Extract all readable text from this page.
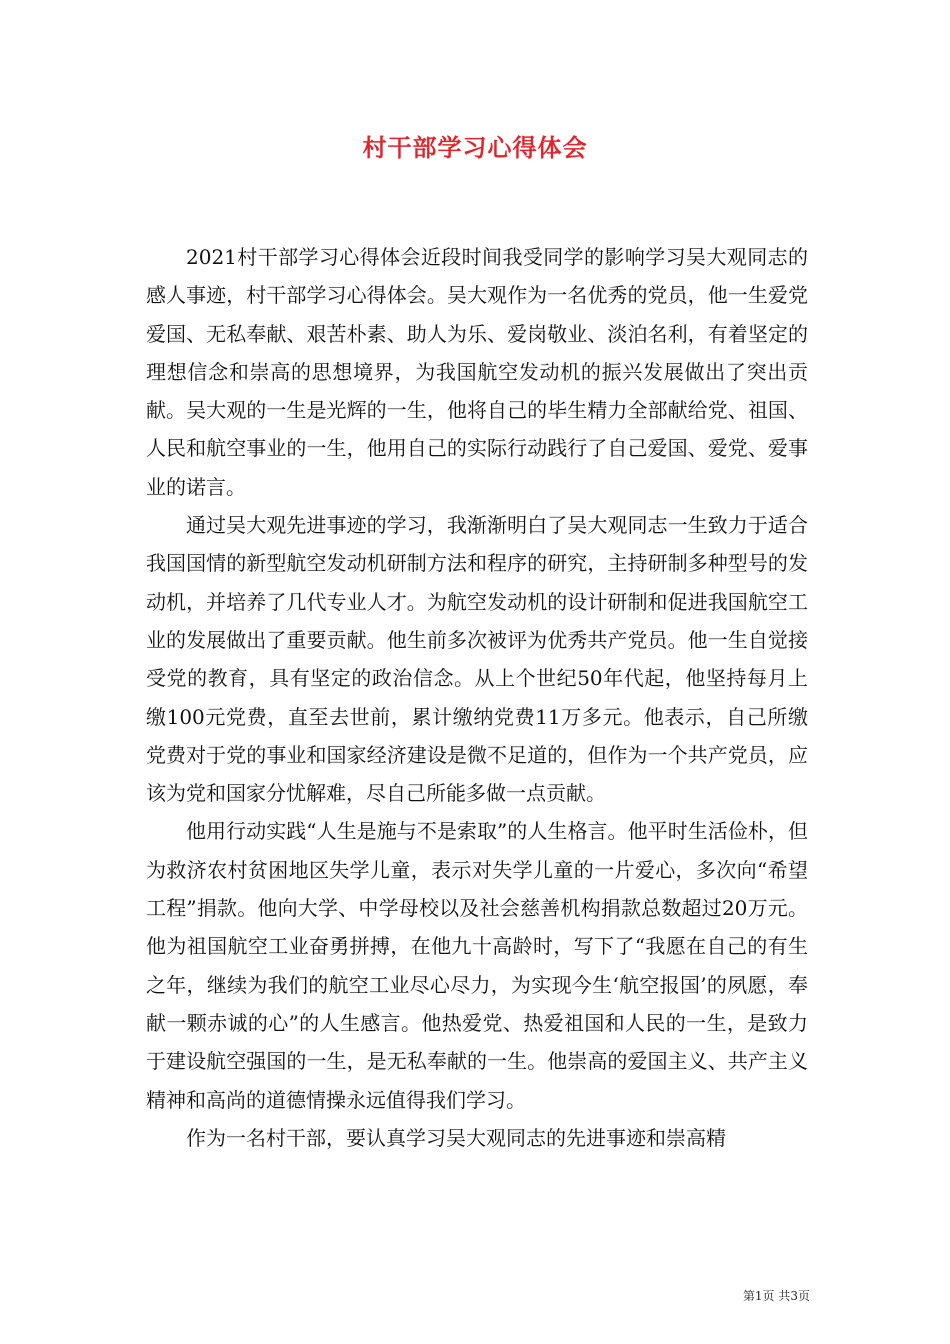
村干部学习心得体会

2021村干部学习心得体会近段时间我受同学的影响学习吴大观同志的感人事迹，村干部学习心得体会。吴大观作为一名优秀的党员，他一生爱党爱国、无私奉献、艰苦朴素、助人为乐、爱岗敬业、淡泊名利，有着坚定的理想信念和崇高的思想境界，为我国航空发动机的振兴发展做出了突出贡献。吴大观的一生是光辉的一生，他将自己的毕生精力全部献给党、祖国、人民和航空事业的一生，他用自己的实际行动践行了自己爱国、爱党、爱事业的诺言。

通过吴大观先进事迹的学习，我渐渐明白了吴大观同志一生致力于适合我国国情的新型航空发动机研制方法和程序的研究，主持研制多种型号的发动机，并培养了几代专业人才。为航空发动机的设计研制和促进我国航空工业的发展做出了重要贡献。他生前多次被评为优秀共产党员。他一生自觉接受党的教育，具有坚定的政治信念。从上个世纪50年代起，他坚持每月上缴100元党费，直至去世前，累计缴纳党费11万多元。他表示，自己所缴党费对于党的事业和国家经济建设是微不足道的，但作为一个共产党员，应该为党和国家分忧解难，尽自己所能多做一点贡献。

他用行动实践“人生是施与不是索取”的人生格言。他平时生活俭朴，但为救济农村贫困地区失学儿童，表示对失学儿童的一片爱心，多次向“希望工程”捐款。他向大学、中学母校以及社会慈善机构捐款总数超过20万元。他为祖国航空工业奋勇拼搏，在他九十高龄时，写下了“我愿在自己的有生之年，继续为我们的航空工业尽心尽力，为实现今生‘航空报国’的夙愿，奉献一颗赤诚的心”的人生感言。他热爱党、热爱祖国和人民的一生，是致力于建设航空强国的一生，是无私奉献的一生。他崇高的爱国主义、共产主义精神和高尚的道德情操永远值得我们学习。

作为一名村干部，要认真学习吴大观同志的先进事迹和崇高精

第1页 共3页
